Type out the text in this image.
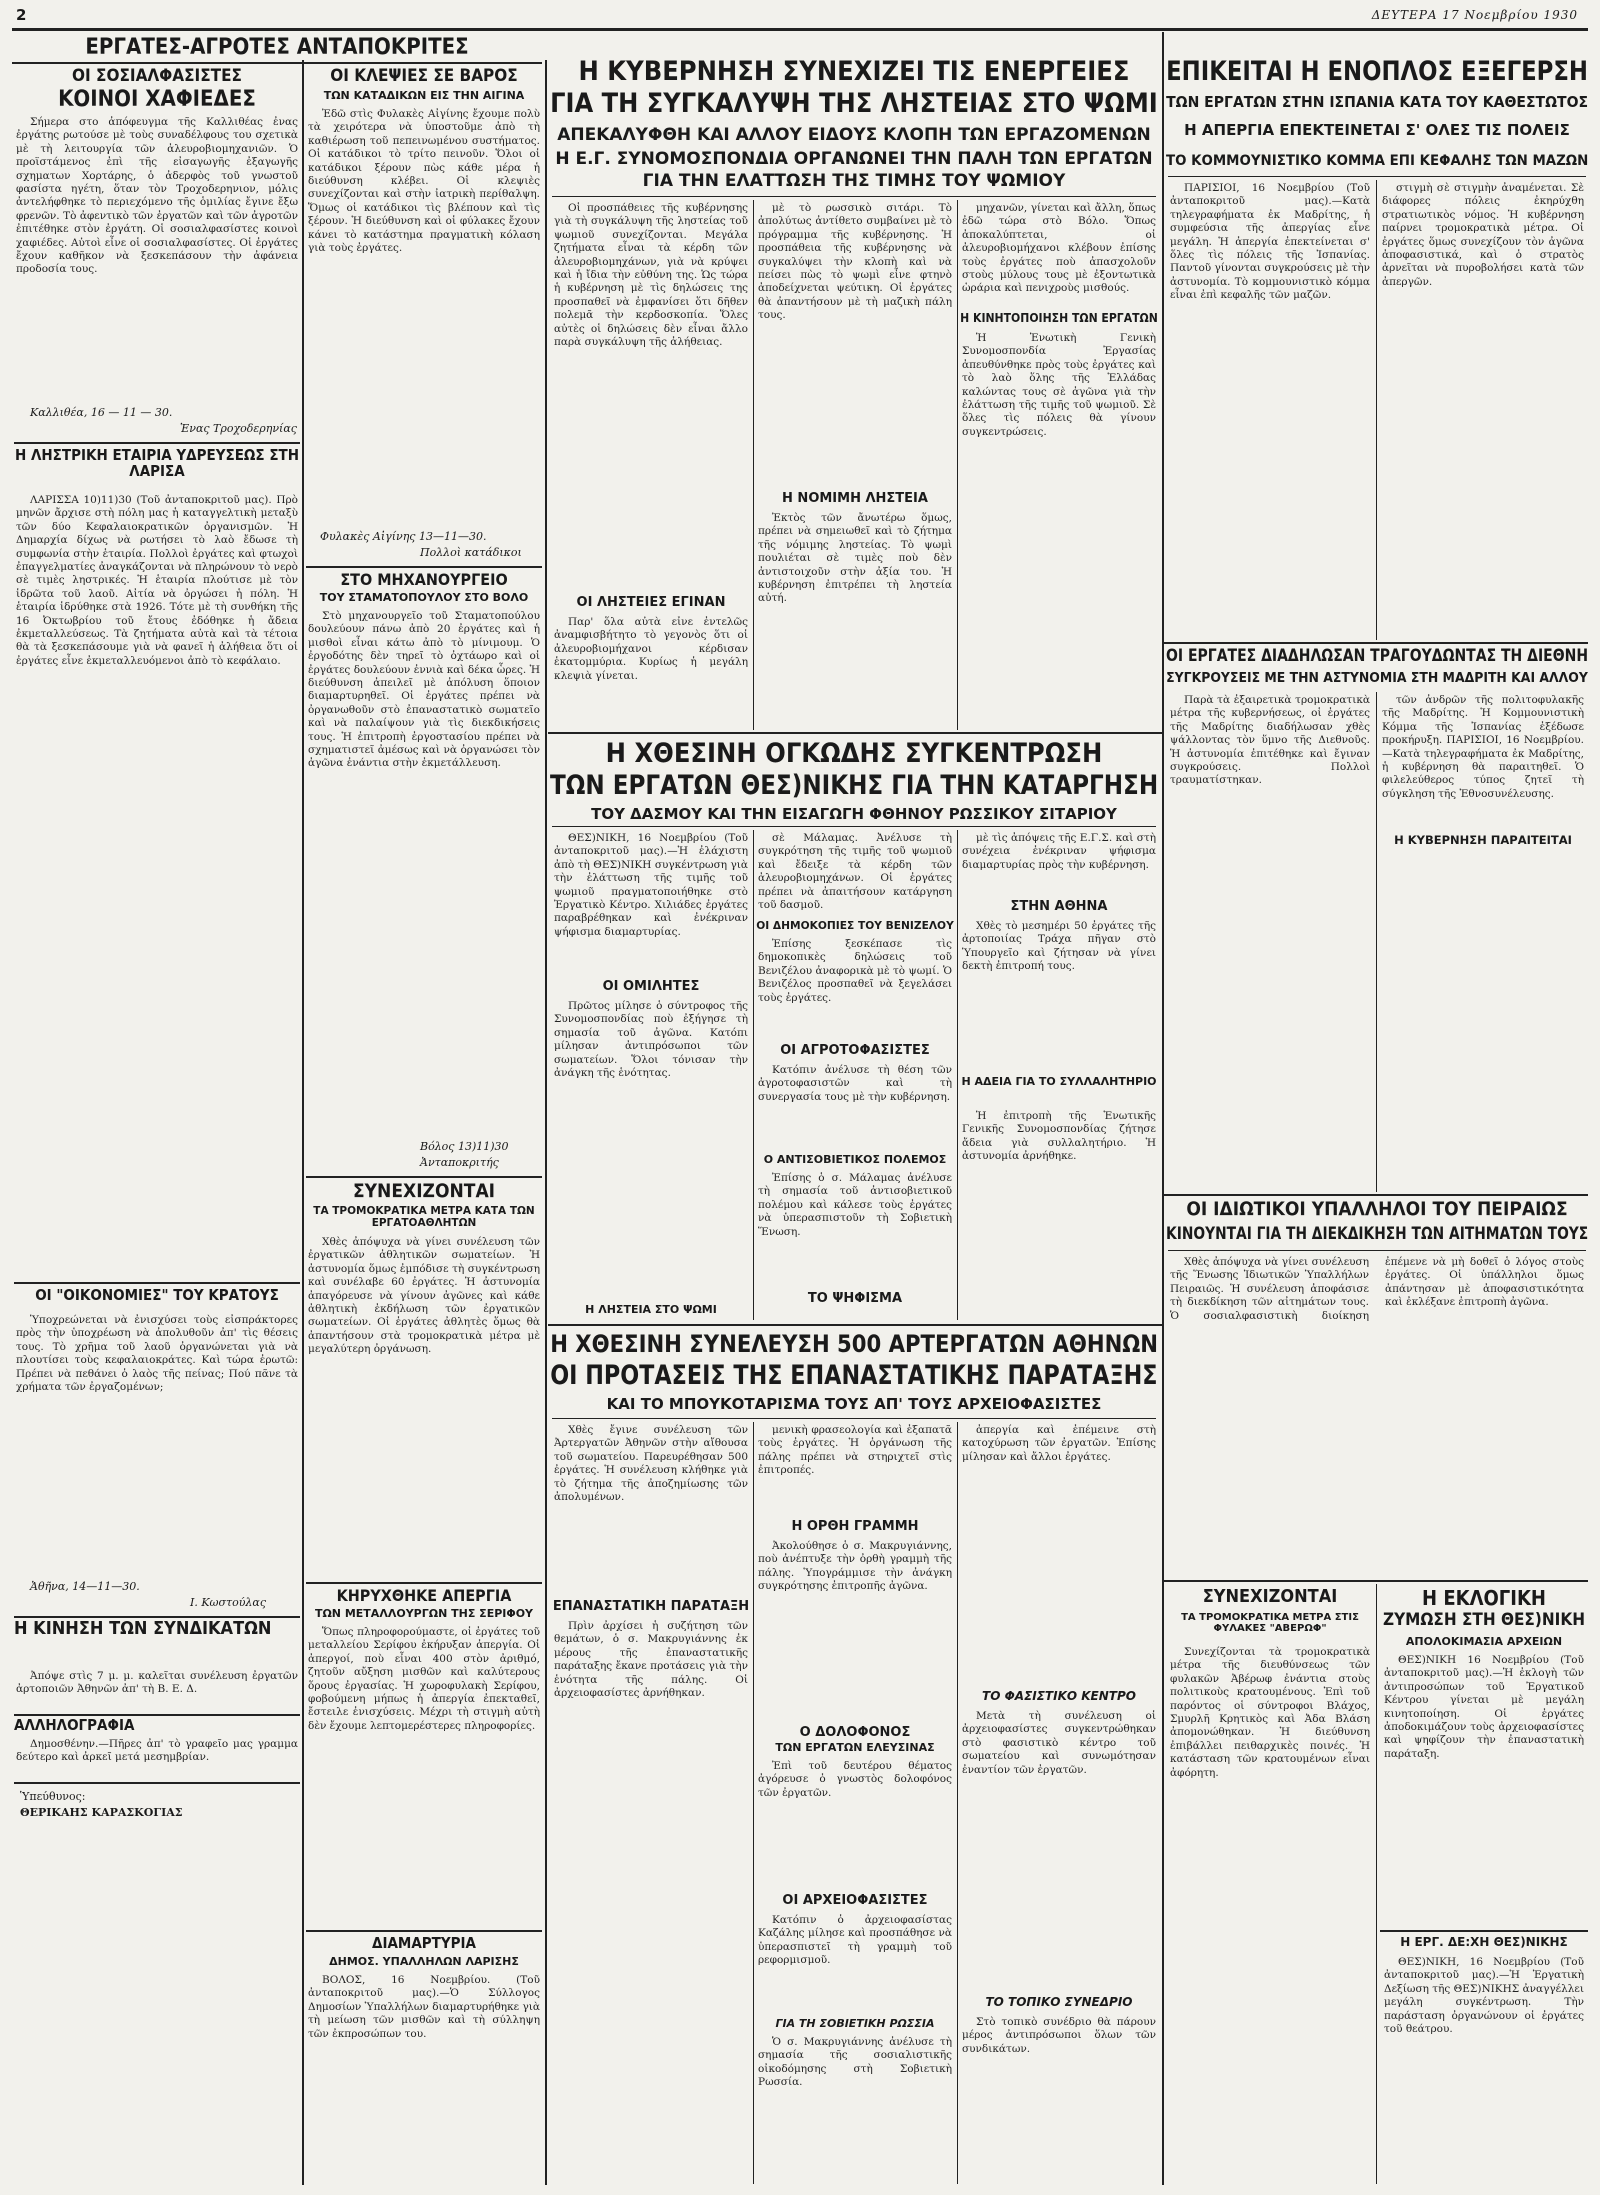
2	ΔΕΥΤΕΡΑ 17 Νοεμβρίου 1930
ΕΡΓΑΤΕΣ-ΑΓΡΟΤΕΣ ΑΝΤΑΠΟΚΡΙΤΕΣ
ΟΙ ΣΟΣΙΑΛΦΑΣΙΣΤΕΣ
ΚΟΙΝΟΙ ΧΑΦΙΕΔΕΣ
Σήμερα στο ἀπόφευγμα τῆς Καλλιθέας ἐνας ἐργάτης ρωτούσε μὲ τοὺς συναδέλφους του σχετικὰ μὲ τὴ λειτουργία τῶν ἀλευροβιομηχανιῶν. Ὁ προϊστάμενος ἐπὶ τῆς εἰσαγωγῆς ἐξαγωγῆς σχηματων Χορτάρης, ὁ ἀδερφὸς τοῦ γνωστοῦ φασίστα ηγέτη, ὅταν τὸν Τροχοδερηνιον, μόλις ἀντελήφθηκε τὸ περιεχόμενο τῆς ὁμιλίας ἔγινε ἔξω φρενῶν. Τὸ ἀφεντικὸ τῶν ἐργατῶν καὶ τῶν ἀγροτῶν ἐπιτέθηκε στὸν ἐργάτη. Οἱ σοσιαλφασίστες κοινοὶ χαφιέδες. Αὐτοὶ εἶνε οἱ σοσιαλφασίστες. Οἱ ἐργάτες ἔχουν καθῆκον νὰ ξεσκεπάσουν τὴν ἀφάνεια προδοσία τους.
Καλλιθέα, 16 — 11 — 30.
Ἑνας Τροχοδερηνίας
Η ΛΗΣΤΡΙΚΗ ΕΤΑΙΡΙΑ ΥΔΡΕΥΣΕΩΣ ΣΤΗ ΛΑΡΙΣΑ
ΛΑΡΙΣΣΑ 10)11)30 (Τοῦ ἀνταποκριτοῦ μας). Πρὸ μηνῶν ἄρχισε στὴ πόλη μας ἡ καταγγελτικὴ μεταξὺ τῶν δύο Κεφαλαιοκρατικῶν ὀργανισμῶν. Ἡ Δημαρχία δίχως νὰ ρωτήσει τὸ λαὸ ἔδωσε τὴ συμφωνία στὴν ἑταιρία. Πολλοὶ ἐργάτες καὶ φτωχοὶ ἐπαγγελματίες ἀναγκάζονται νὰ πληρώνουν τὸ νερὸ σὲ τιμὲς ληστρικές. Ἡ ἑταιρία πλούτισε μὲ τὸν ἱδρῶτα τοῦ λαοῦ. Αἰτία νὰ ὀργώσει ἡ πόλη. Ἡ ἑταιρία ἱδρύθηκε στὰ 1926. Τότε μὲ τὴ συνθήκη τῆς 16 Ὀκτωβρίου τοῦ ἔτους ἐδόθηκε ἡ ἄδεια ἐκμεταλλεύσεως. Τὰ ζητήματα αὐτὰ καὶ τὰ τέτοια θὰ τὰ ξεσκεπάσουμε γιὰ νὰ φανεῖ ἡ ἀλήθεια ὅτι οἱ ἐργάτες εἶνε ἐκμεταλλευόμενοι ἀπὸ τὸ κεφάλαιο.
ΟΙ "ΟΙΚΟΝΟΜΙΕΣ" ΤΟΥ ΚΡΑΤΟΥΣ
Ὑποχρεώνεται νὰ ἐνισχύσει τοὺς εἰσπράκτορες πρὸς τὴν ὑποχρέωση νὰ ἀπολυθοῦν ἀπ' τὶς θέσεις τους. Τὸ χρῆμα τοῦ λαοῦ ὀργανώνεται γιὰ νὰ πλουτίσει τοὺς κεφαλαιοκράτες. Καὶ τώρα ἐρωτῶ: Πρέπει νὰ πεθάνει ὁ λαὸς τῆς πείνας; Πού πᾶνε τὰ χρήματα τῶν ἐργαζομένων;
Ἀθῆνα, 14—11—30.
Ι. Κωστούλας
Η ΚΙΝΗΣΗ ΤΩΝ ΣΥΝΔΙΚΑΤΩΝ
Ἀπόψε στὶς 7 μ. μ. καλεῖται συνέλευση ἐργατῶν ἀρτοποιῶν Ἀθηνῶν ἀπ' τὴ Β. Ε. Δ.
ΑΛΛΗΛΟΓΡΑΦΙΑ
Δημοσθένην.—Πῆρες ἀπ' τὸ γραφεῖο μας γραμμα δεύτερο καὶ ἀρκεῖ μετά μεσημβρίαν.
Ὑπεύθυνος:
ΘΕΡΙΚΑΗΣ ΚΑΡΑΣΚΟΓΙΑΣ
ΟΙ ΚΛΕΨΙΕΣ ΣΕ ΒΑΡΟΣ
ΤΩΝ ΚΑΤΑΔΙΚΩΝ ΕΙΣ ΤΗΝ ΑΙΓΙΝΑ
Ἐδῶ στὶς Φυλακὲς Αἰγίνης ἔχουμε πολὺ τὰ χειρότερα νὰ ὑποστοῦμε ἀπὸ τὴ καθιέρωση τοῦ πεπεινωμένου συστήματος. Οἱ κατάδικοι τὸ τρίτο πεινοῦν. Ὅλοι οἱ κατάδικοι ξέρουν πὼς κάθε μέρα ἡ διεύθυνση κλέβει. Οἱ κλεψιὲς συνεχίζονται καὶ στὴν ἰατρικὴ περίθαλψη. Ὅμως οἱ κατάδικοι τὶς βλέπουν καὶ τὶς ξέρουν. Ἡ διεύθυνση καὶ οἱ φύλακες ἔχουν κάνει τὸ κατάστημα πραγματικὴ κόλαση γιὰ τοὺς ἐργάτες.
Φυλακὲς Αἰγίνης 13—11—30.
Πολλοὶ κατάδικοι
ΣΤΟ ΜΗΧΑΝΟΥΡΓΕΙΟ
ΤΟΥ ΣΤΑΜΑΤΟΠΟΥΛΟΥ ΣΤΟ ΒΟΛΟ
Στὸ μηχανουργεῖο τοῦ Σταματοπούλου δουλεύουν πάνω ἀπὸ 20 ἐργάτες καὶ ἡ μισθοὶ εἶναι κάτω ἀπὸ τὸ μίνιμουμ. Ὁ ἐργοδότης δὲν τηρεῖ τὸ ὀχτάωρο καὶ οἱ ἐργάτες δουλεύουν ἐννιὰ καὶ δέκα ὧρες. Ἡ διεύθυνση ἀπειλεῖ μὲ ἀπόλυση ὅποιον διαμαρτυρηθεῖ. Οἱ ἐργάτες πρέπει νὰ ὀργανωθοῦν στὸ ἐπαναστατικὸ σωματεῖο καὶ νὰ παλαίψουν γιὰ τὶς διεκδικήσεις τους. Ἡ ἐπιτροπὴ ἐργοστασίου πρέπει νὰ σχηματιστεῖ ἀμέσως καὶ νὰ ὀργανώσει τὸν ἀγῶνα ἐνάντια στὴν ἐκμετάλλευση.
Βόλος 13)11)30
Ἀνταποκριτής
ΣΥΝΕΧΙΖΟΝΤΑΙ
ΤΑ ΤΡΟΜΟΚΡΑΤΙΚΑ ΜΕΤΡΑ ΚΑΤΑ ΤΩΝ ΕΡΓΑΤΟΑΘΛΗΤΩΝ
Χθὲς ἀπόψυχα νὰ γίνει συνέλευση τῶν ἐργατικῶν ἀθλητικῶν σωματείων. Ἡ ἀστυνομία ὅμως ἐμπόδισε τὴ συγκέντρωση καὶ συνέλαβε 60 ἐργάτες. Ἡ ἀστυνομία ἀπαγόρευσε νὰ γίνουν ἀγῶνες καὶ κάθε ἀθλητικὴ ἐκδήλωση τῶν ἐργατικῶν σωματείων. Οἱ ἐργάτες ἀθλητὲς ὅμως θὰ ἀπαντήσουν στὰ τρομοκρατικὰ μέτρα μὲ μεγαλύτερη ὀργάνωση.
ΚΗΡΥΧΘΗΚΕ ΑΠΕΡΓΙΑ
ΤΩΝ ΜΕΤΑΛΛΟΥΡΓΩΝ ΤΗΣ ΣΕΡΙΦΟΥ
Ὅπως πληροφορούμαστε, οἱ ἐργάτες τοῦ μεταλλείου Σερίφου ἐκήρυξαν ἀπεργία. Οἱ ἀπεργοί, ποὺ εἶναι 400 στὸν ἀριθμό, ζητοῦν αὔξηση μισθῶν καὶ καλύτερους ὅρους ἐργασίας. Ἡ χωροφυλακὴ Σερίφου, φοβούμενη μήπως ἡ ἀπεργία ἐπεκταθεῖ, ἔστειλε ἐνισχύσεις. Μέχρι τὴ στιγμὴ αὐτὴ δὲν ἔχουμε λεπτομερέστερες πληροφορίες.
ΔΙΑΜΑΡΤΥΡΙΑ
ΔΗΜΟΣ. ΥΠΑΛΛΗΛΩΝ ΛΑΡΙΣΗΣ
ΒΟΛΟΣ, 16 Νοεμβρίου. (Τοῦ ἀνταποκριτοῦ μας).—Ὁ Σύλλογος Δημοσίων Ὑπαλλήλων διαμαρτυρήθηκε γιὰ τὴ μείωση τῶν μισθῶν καὶ τὴ σύλληψη τῶν ἐκπροσώπων του.
Η ΚΥΒΕΡΝΗΣΗ ΣΥΝΕΧΙΖΕΙ ΤΙΣ ΕΝΕΡΓΕΙΕΣ
ΓΙΑ ΤΗ ΣΥΓΚΑΛΥΨΗ ΤΗΣ ΛΗΣΤΕΙΑΣ ΣΤΟ ΨΩΜΙ
ΑΠΕΚΑΛΥΦΘΗ ΚΑΙ ΑΛΛΟΥ ΕΙΔΟΥΣ ΚΛΟΠΗ ΤΩΝ ΕΡΓΑΖΟΜΕΝΩΝ
Η Ε.Γ. ΣΥΝΟΜΟΣΠΟΝΔΙΑ ΟΡΓΑΝΩΝΕΙ ΤΗΝ ΠΑΛΗ ΤΩΝ ΕΡΓΑΤΩΝ
ΓΙΑ ΤΗΝ ΕΛΑΤΤΩΣΗ ΤΗΣ ΤΙΜΗΣ ΤΟΥ ΨΩΜΙΟΥ
Οἱ προσπάθειες τῆς κυβέρνησης γιὰ τὴ συγκάλυψη τῆς ληστείας τοῦ ψωμιοῦ συνεχίζονται. Μεγάλα ζητήματα εἶναι τὰ κέρδη τῶν ἀλευροβιομηχάνων, γιὰ νὰ κρύψει καὶ ἡ ἴδια τὴν εὐθύνη της. Ὡς τώρα ἡ κυβέρνηση μὲ τὶς δηλώσεις της προσπαθεῖ νὰ ἐμφανίσει ὅτι δῆθεν πολεμᾶ τὴν κερδοσκοπία. Ὅλες αὐτὲς οἱ δηλώσεις δὲν εἶναι ἄλλο παρὰ συγκάλυψη τῆς ἀλήθειας.
ΟΙ ΛΗΣΤΕΙΕΣ ΕΓΙΝΑΝ
Παρ' ὅλα αὐτὰ εἶνε ἐντελῶς ἀναμφισβήτητο τὸ γεγονὸς ὅτι οἱ ἀλευροβιομήχανοι κέρδισαν ἑκατομμύρια. Κυρίως ἡ μεγάλη κλεψιὰ γίνεται.
μὲ τὸ ρωσσικὸ σιτάρι. Τὸ ἀπολύτως ἀντίθετο συμβαίνει μὲ τὸ πρόγραμμα τῆς κυβέρνησης. Ἡ προσπάθεια τῆς κυβέρνησης νὰ συγκαλύψει τὴν κλοπὴ καὶ νὰ πείσει πὼς τὸ ψωμὶ εἶνε φτηνὸ ἀποδείχνεται ψεύτικη. Οἱ ἐργάτες θὰ ἀπαντήσουν μὲ τὴ μαζικὴ πάλη τους.
Η ΝΟΜΙΜΗ ΛΗΣΤΕΙΑ
Ἐκτὸς τῶν ἄνωτέρω ὅμως, πρέπει νὰ σημειωθεῖ καὶ τὸ ζήτημα τῆς νόμιμης ληστείας. Τὸ ψωμὶ πουλιέται σὲ τιμὲς ποὺ δὲν ἀντιστοιχοῦν στὴν ἀξία του. Ἡ κυβέρνηση ἐπιτρέπει τὴ ληστεία αὐτή.
μηχανῶν, γίνεται καὶ ἄλλη, ὅπως ἐδῶ τώρα στὸ Βόλο. Ὅπως ἀποκαλύπτεται, οἱ ἀλευροβιομήχανοι κλέβουν ἐπίσης τοὺς ἐργάτες ποὺ ἀπασχολοῦν στοὺς μύλους τους μὲ ἐξοντωτικὰ ὡράρια καὶ πενιχροὺς μισθούς.
Η ΚΙΝΗΤΟΠΟΙΗΣΗ ΤΩΝ ΕΡΓΑΤΩΝ
Ἡ Ἑνωτικὴ Γενικὴ Συνομοσπονδία Ἐργασίας ἀπευθύνθηκε πρὸς τοὺς ἐργάτες καὶ τὸ λαὸ ὅλης τῆς Ἑλλάδας καλώντας τους σὲ ἀγῶνα γιὰ τὴν ἐλάττωση τῆς τιμῆς τοῦ ψωμιοῦ. Σὲ ὅλες τὶς πόλεις θὰ γίνουν συγκεντρώσεις.
Η ΧΘΕΣΙΝΗ ΟΓΚΩΔΗΣ ΣΥΓΚΕΝΤΡΩΣΗ
ΤΩΝ ΕΡΓΑΤΩΝ ΘΕΣ)ΝΙΚΗΣ ΓΙΑ ΤΗΝ ΚΑΤΑΡΓΗΣΗ
ΤΟΥ ΔΑΣΜΟΥ ΚΑΙ ΤΗΝ ΕΙΣΑΓΩΓΗ ΦΘΗΝΟΥ ΡΩΣΣΙΚΟΥ ΣΙΤΑΡΙΟΥ
ΘΕΣ)ΝΙΚΗ, 16 Νοεμβρίου (Τοῦ ἀνταποκριτοῦ μας).—Ἡ ἐλάχιστη ἀπὸ τὴ ΘΕΣ)ΝΙΚΗ συγκέντρωση γιὰ τὴν ἐλάττωση τῆς τιμῆς τοῦ ψωμιοῦ πραγματοποιήθηκε στὸ Ἐργατικὸ Κέντρο. Χιλιάδες ἐργάτες παραβρέθηκαν καὶ ἐνέκριναν ψήφισμα διαμαρτυρίας.
ΟΙ ΟΜΙΛΗΤΕΣ
Πρῶτος μίλησε ὁ σύντροφος τῆς Συνομοσπονδίας ποὺ ἐξήγησε τὴ σημασία τοῦ ἀγῶνα. Κατόπι μίλησαν ἀντιπρόσωποι τῶν σωματείων. Ὅλοι τόνισαν τὴν ἀνάγκη τῆς ἑνότητας.
Η ΛΗΣΤΕΙΑ ΣΤΟ ΨΩΜΙ
σὲ Μάλαμας. Ἀνέλυσε τὴ συγκρότηση τῆς τιμῆς τοῦ ψωμιοῦ καὶ ἔδειξε τὰ κέρδη τῶν ἀλευροβιομηχάνων. Οἱ ἐργάτες πρέπει νὰ ἀπαιτήσουν κατάργηση τοῦ δασμοῦ.
ΟΙ ΔΗΜΟΚΟΠΙΕΣ ΤΟΥ ΒΕΝΙΖΕΛΟΥ
Ἐπίσης ξεσκέπασε τὶς δημοκοπικὲς δηλώσεις τοῦ Βενιζέλου ἀναφορικὰ μὲ τὸ ψωμί. Ὁ Βενιζέλος προσπαθεῖ νὰ ξεγελάσει τοὺς ἐργάτες.
ΟΙ ΑΓΡΟΤΟΦΑΣΙΣΤΕΣ
Κατόπιν ἀνέλυσε τὴ θέση τῶν ἀγροτοφασιστῶν καὶ τὴ συνεργασία τους μὲ τὴν κυβέρνηση.
Ο ΑΝΤΙΣΟΒΙΕΤΙΚΟΣ ΠΟΛΕΜΟΣ
Ἐπίσης ὁ σ. Μάλαμας ἀνέλυσε τὴ σημασία τοῦ ἀντισοβιετικοῦ πολέμου καὶ κάλεσε τοὺς ἐργάτες νὰ ὑπερασπιστοῦν τὴ Σοβιετικὴ Ἕνωση.
ΤΟ ΨΗΦΙΣΜΑ
μὲ τὶς ἀπόψεις τῆς Ε.Γ.Σ. καὶ στὴ συνέχεια ἐνέκριναν ψήφισμα διαμαρτυρίας πρὸς τὴν κυβέρνηση.
ΣΤΗΝ ΑΘΗΝΑ
Χθὲς τὸ μεσημέρι 50 ἐργάτες τῆς ἀρτοποιίας Τράχα πῆγαν στὸ Ὑπουργεῖο καὶ ζήτησαν νὰ γίνει δεκτὴ ἐπιτροπή τους.
Η ΑΔΕΙΑ ΓΙΑ ΤΟ ΣΥΛΛΑΛΗΤΗΡΙΟ
Ἡ ἐπιτροπὴ τῆς Ἑνωτικῆς Γενικῆς Συνομοσπονδίας ζήτησε ἄδεια γιὰ συλλαλητήριο. Ἡ ἀστυνομία ἀρνήθηκε.
Η ΧΘΕΣΙΝΗ ΣΥΝΕΛΕΥΣΗ 500 ΑΡΤΕΡΓΑΤΩΝ ΑΘΗΝΩΝ
ΟΙ ΠΡΟΤΑΣΕΙΣ ΤΗΣ ΕΠΑΝΑΣΤΑΤΙΚΗΣ ΠΑΡΑΤΑΞΗΣ
ΚΑΙ ΤΟ ΜΠΟΥΚΟΤΑΡΙΣΜΑ ΤΟΥΣ ΑΠ' ΤΟΥΣ ΑΡΧΕΙΟΦΑΣΙΣΤΕΣ
Χθὲς ἔγινε συνέλευση τῶν Ἀρτεργατῶν Ἀθηνῶν στὴν αἴθουσα τοῦ σωματείου. Παρευρέθησαν 500 ἐργάτες. Ἡ συνέλευση κλήθηκε γιὰ τὸ ζήτημα τῆς ἀποζημίωσης τῶν ἀπολυμένων.
ΕΠΑΝΑΣΤΑΤΙΚΗ ΠΑΡΑΤΑΞΗ
Πρὶν ἀρχίσει ἡ συζήτηση τῶν θεμάτων, ὁ σ. Μακρυγιάννης ἐκ μέρους τῆς ἐπαναστατικῆς παράταξης ἔκανε προτάσεις γιὰ τὴν ἑνότητα τῆς πάλης. Οἱ ἀρχειοφασίστες ἀρνήθηκαν.
μενικὴ φρασεολογία καὶ ἐξαπατᾶ τοὺς ἐργάτες. Ἡ ὀργάνωση τῆς πάλης πρέπει νὰ στηριχτεῖ στὶς ἐπιτροπές.
Η ΟΡΘΗ ΓΡΑΜΜΗ
Ἀκολούθησε ὁ σ. Μακρυγιάννης, ποὺ ἀνέπτυξε τὴν ὀρθὴ γραμμὴ τῆς πάλης. Ὑπογράμμισε τὴν ἀνάγκη συγκρότησης ἐπιτροπῆς ἀγῶνα.
Ο ΔΟΛΟΦΟΝΟΣ
ΤΩΝ ΕΡΓΑΤΩΝ ΕΛΕΥΣΙΝΑΣ
Ἐπὶ τοῦ δευτέρου θέματος ἀγόρευσε ὁ γνωστὸς δολοφόνος τῶν ἐργατῶν.
ΟΙ ΑΡΧΕΙΟΦΑΣΙΣΤΕΣ
Κατόπιν ὁ ἀρχειοφασίστας Καζάλης μίλησε καὶ προσπάθησε νὰ ὑπερασπιστεῖ τὴ γραμμὴ τοῦ ρεφορμισμοῦ.
ΓΙΑ ΤΗ ΣΟΒΙΕΤΙΚΗ ΡΩΣΣΙΑ
Ὁ σ. Μακρυγιάννης ἀνέλυσε τὴ σημασία τῆς σοσιαλιστικῆς οἰκοδόμησης στὴ Σοβιετικὴ Ρωσσία.
ἀπεργία καὶ ἐπέμεινε στὴ κατοχύρωση τῶν ἐργατῶν. Ἐπίσης μίλησαν καὶ ἄλλοι ἐργάτες.
ΤΟ ΦΑΣΙΣΤΙΚΟ ΚΕΝΤΡΟ
Μετὰ τὴ συνέλευση οἱ ἀρχειοφασίστες συγκεντρώθηκαν στὸ φασιστικὸ κέντρο τοῦ σωματείου καὶ συνωμότησαν ἐναντίον τῶν ἐργατῶν.
ΤΟ ΤΟΠΙΚΟ ΣΥΝΕΔΡΙΟ
Στὸ τοπικὸ συνέδριο θὰ πάρουν μέρος ἀντιπρόσωποι ὅλων τῶν συνδικάτων.
ΕΠΙΚΕΙΤΑΙ Η ΕΝΟΠΛΟΣ ΕΞΕΓΕΡΣΗ
ΤΩΝ ΕΡΓΑΤΩΝ ΣΤΗΝ ΙΣΠΑΝΙΑ ΚΑΤΑ ΤΟΥ ΚΑΘΕΣΤΩΤΟΣ
Η ΑΠΕΡΓΙΑ ΕΠΕΚΤΕΙΝΕΤΑΙ Σ' ΟΛΕΣ ΤΙΣ ΠΟΛΕΙΣ
ΤΟ ΚΟΜΜΟΥΝΙΣΤΙΚΟ ΚΟΜΜΑ ΕΠΙ ΚΕΦΑΛΗΣ ΤΩΝ ΜΑΖΩΝ
ΠΑΡΙΣΙΟΙ, 16 Νοεμβρίου (Τοῦ ἀνταποκριτοῦ μας).—Κατὰ τηλεγραφήματα ἐκ Μαδρίτης, ἡ συμφεύσια τῆς ἀπεργίας εἶνε μεγάλη. Ἡ ἀπεργία ἐπεκτείνεται σ' ὅλες τὶς πόλεις τῆς Ἰσπανίας. Παντοῦ γίνονται συγκρούσεις μὲ τὴν ἀστυνομία. Τὸ κομμουνιστικὸ κόμμα εἶναι ἐπὶ κεφαλῆς τῶν μαζῶν.
στιγμὴ σὲ στιγμὴν ἀναμένεται. Σὲ διάφορες πόλεις ἐκηρύχθη στρατιωτικὸς νόμος. Ἡ κυβέρνηση παίρνει τρομοκρατικὰ μέτρα. Οἱ ἐργάτες ὅμως συνεχίζουν τὸν ἀγῶνα ἀποφασιστικά, καὶ ὁ στρατὸς ἀρνεῖται νὰ πυροβολήσει κατὰ τῶν ἀπεργῶν.
ΟΙ ΕΡΓΑΤΕΣ ΔΙΑΔΗΛΩΣΑΝ ΤΡΑΓΟΥΔΩΝΤΑΣ ΤΗ ΔΙΕΘΝΗ
ΣΥΓΚΡΟΥΣΕΙΣ ΜΕ ΤΗΝ ΑΣΤΥΝΟΜΙΑ ΣΤΗ ΜΑΔΡΙΤΗ ΚΑΙ ΑΛΛΟΥ
Παρὰ τὰ ἐξαιρετικὰ τρομοκρατικὰ μέτρα τῆς κυβερνήσεως, οἱ ἐργάτες τῆς Μαδρίτης διαδήλωσαν χθὲς ψάλλοντας τὸν ὕμνο τῆς Διεθνοῦς. Ἡ ἀστυνομία ἐπιτέθηκε καὶ ἔγιναν συγκρούσεις. Πολλοὶ τραυματίστηκαν.
Η ΚΥΒΕΡΝΗΣΗ ΠΑΡΑΙΤΕΙΤΑΙ
τῶν ἀνδρῶν τῆς πολιτοφυλακῆς τῆς Μαδρίτης. Ἡ Κομμουνιστικὴ Κόμμα τῆς Ἰσπανίας ἐξέδωσε προκήρυξη. ΠΑΡΙΣΙΟΙ, 16 Νοεμβρίου.—Κατὰ τηλεγραφήματα ἐκ Μαδρίτης, ἡ κυβέρνηση θὰ παραιτηθεῖ. Ὁ φιλελεύθερος τύπος ζητεῖ τὴ σύγκληση τῆς Ἐθνοσυνέλευσης.
ΟΙ ΙΔΙΩΤΙΚΟΙ ΥΠΑΛΛΗΛΟΙ ΤΟΥ ΠΕΙΡΑΙΩΣ
ΚΙΝΟΥΝΤΑΙ ΓΙΑ ΤΗ ΔΙΕΚΔΙΚΗΣΗ ΤΩΝ ΑΙΤΗΜΑΤΩΝ ΤΟΥΣ
Χθὲς ἀπόψυχα νὰ γίνει συνέλευση τῆς Ἕνωσης Ἰδιωτικῶν Ὑπαλλήλων Πειραιῶς. Ἡ συνέλευση ἀποφάσισε τὴ διεκδίκηση τῶν αἰτημάτων τους. Ὁ σοσιαλφασιστικὴ διοίκηση ἐπέμενε νὰ μὴ δοθεῖ ὁ λόγος στοὺς ἐργάτες. Οἱ ὑπάλληλοι ὅμως ἀπάντησαν μὲ ἀποφασιστικότητα καὶ ἐκλέξανε ἐπιτροπὴ ἀγῶνα.
ΣΥΝΕΧΙΖΟΝΤΑΙ
ΤΑ ΤΡΟΜΟΚΡΑΤΙΚΑ ΜΕΤΡΑ ΣΤΙΣ ΦΥΛΑΚΕΣ "ΑΒΕΡΩΦ"
Συνεχίζονται τὰ τρομοκρατικὰ μέτρα τῆς διευθύνσεως τῶν φυλακῶν Ἀβέρωφ ἐνάντια στοὺς πολιτικοὺς κρατουμένους. Ἐπὶ τοῦ παρόντος οἱ σύντροφοι Βλάχος, Σμυρλῆ Κρητικὸς καὶ Ἀδα Βλάση ἀπομονώθηκαν. Ἡ διεύθυνση ἐπιβάλλει πειθαρχικὲς ποινές. Ἡ κατάσταση τῶν κρατουμένων εἶναι ἀφόρητη.
Η ΕΚΛΟΓΙΚΗ
ΖΥΜΩΣΗ ΣΤΗ ΘΕΣ)ΝΙΚΗ
ΑΠΟΛΟΚΙΜΑΣΙΑ ΑΡΧΕΙΩΝ
ΘΕΣ)ΝΙΚΗ 16 Νοεμβρίου (Τοῦ ἀνταποκριτοῦ μας).—Ἡ ἐκλογὴ τῶν ἀντιπροσώπων τοῦ Ἐργατικοῦ Κέντρου γίνεται μὲ μεγάλη κινητοποίηση. Οἱ ἐργάτες ἀποδοκιμάζουν τοὺς ἀρχειοφασίστες καὶ ψηφίζουν τὴν ἐπαναστατικὴ παράταξη.
Η ΕΡΓ. ΔΕ:ΧΗ ΘΕΣ)ΝΙΚΗΣ
ΘΕΣ)ΝΙΚΗ, 16 Νοεμβρίου (Τοῦ ἀνταποκριτοῦ μας).—Ἡ Ἐργατικὴ Δεξίωση τῆς ΘΕΣ)ΝΙΚΗΣ ἀναγγέλλει μεγάλη συγκέντρωση. Τὴν παράσταση ὀργανώνουν οἱ ἐργάτες τοῦ θεάτρου.
